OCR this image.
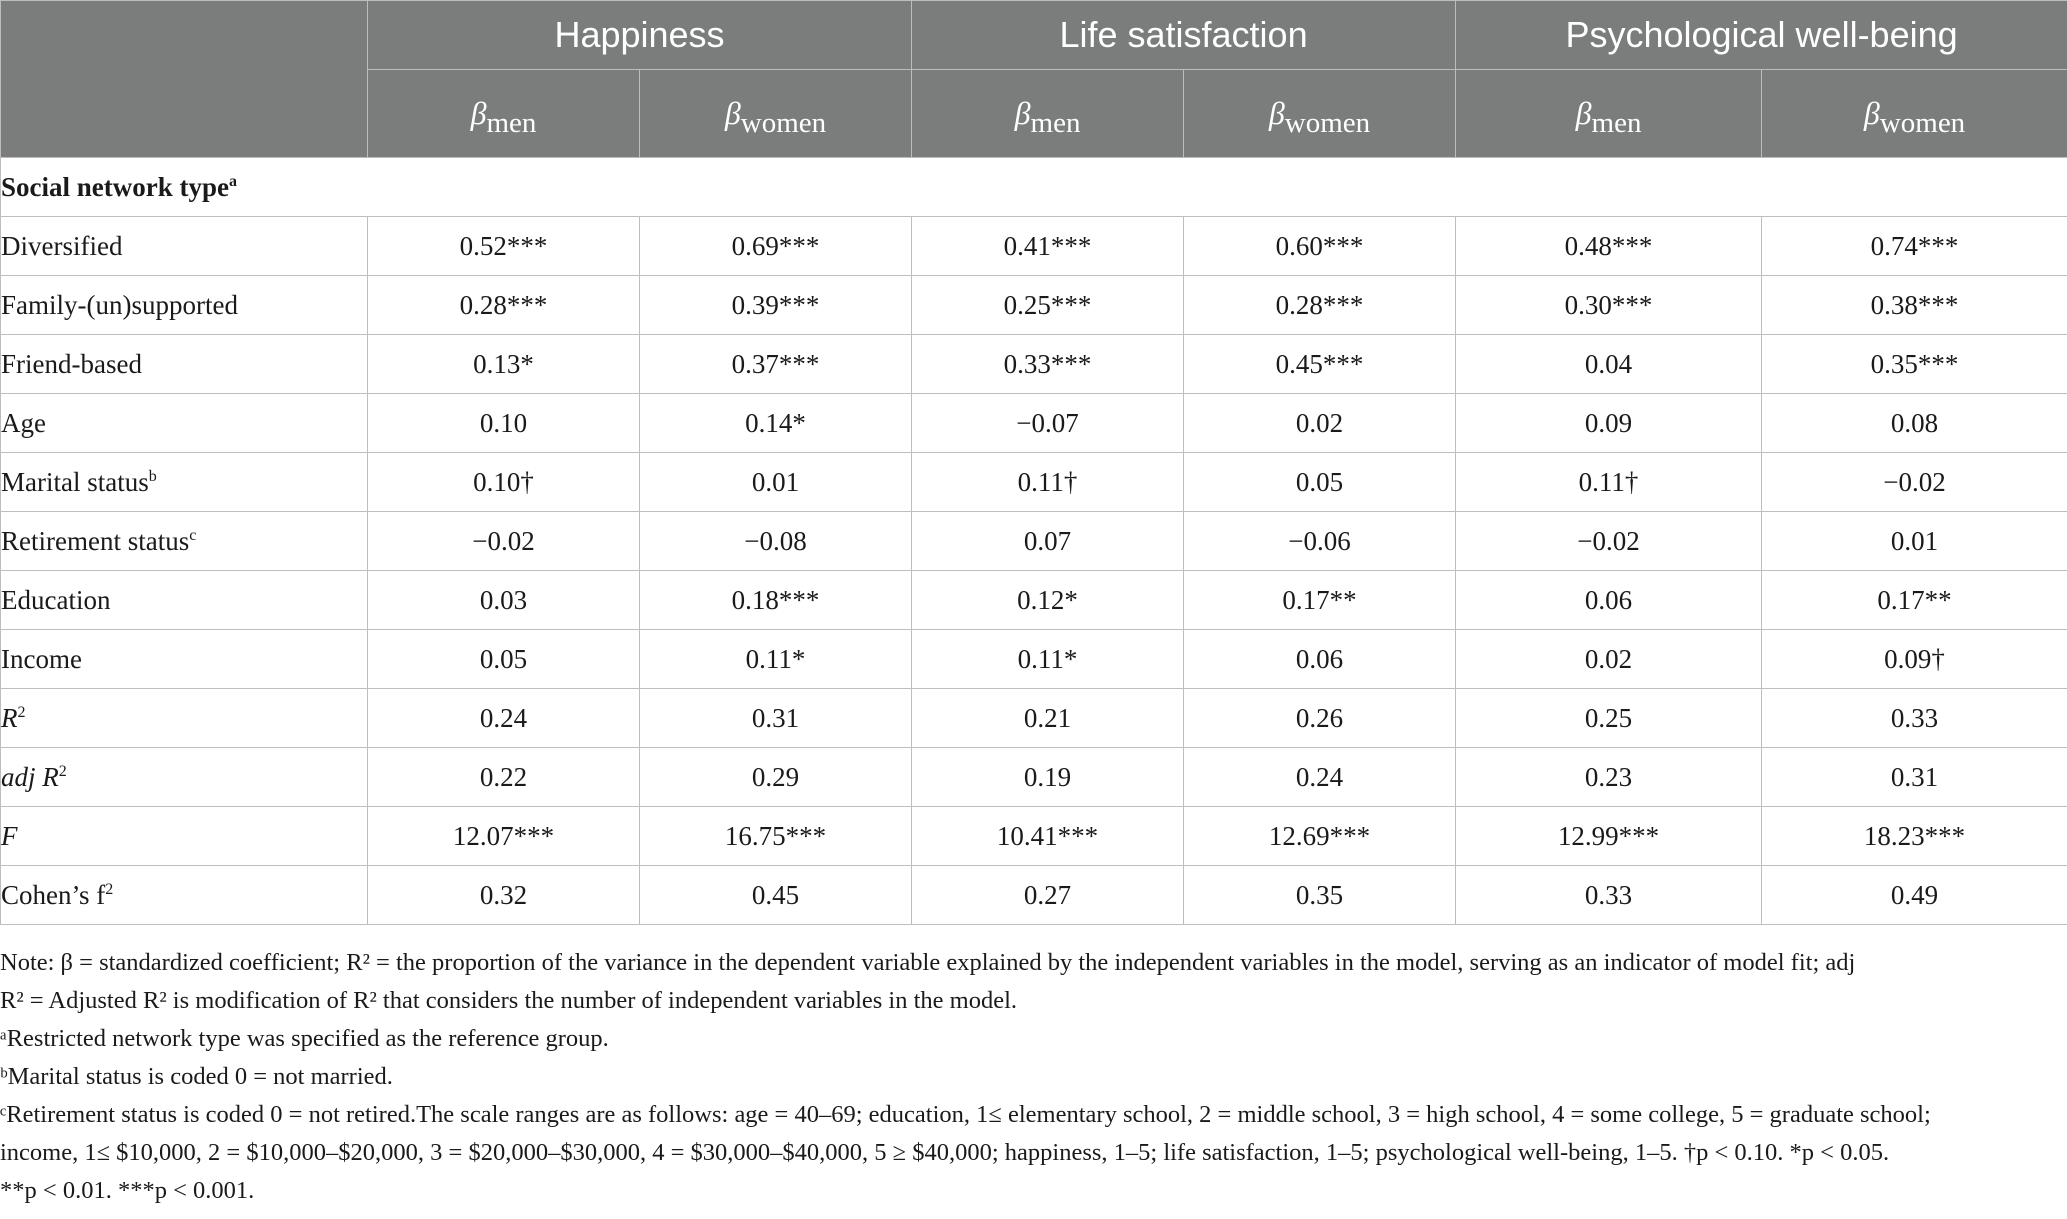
	Happiness		Life satisfaction		Psychological well-being	
	βmen	βwomen	βmen	βwomen	βmen	βwomen
Social network type$^a$
Diversified	0.52***	0.69***	0.41***	0.60***	0.48***	0.74***
Family-(un)supported	0.28***	0.39***	0.25***	0.28***	0.30***	0.38***
Friend-based	0.13*	0.37***	0.33***	0.45***	0.04	0.35***
Age	0.10	0.14*	−0.07	0.02	0.09	0.08
Marital status$^b$	0.10†	0.01	0.11†	0.05	0.11†	−0.02
Retirement status$^c$	−0.02	−0.08	0.07	−0.06	−0.02	0.01
Education	0.03	0.18***	0.12*	0.17**	0.06	0.17**
Income	0.05	0.11*	0.11*	0.06	0.02	0.09†
$R^2$	0.24	0.31	0.21	0.26	0.25	0.33
adj $R^2$	0.22	0.29	0.19	0.24	0.23	0.31
F	12.07***	16.75***	10.41***	12.69***	12.99***	18.23***
Cohen’s $f^2$	0.32	0.45	0.27	0.35	0.33	0.49

Note: β = standardized coefficient; R² = the proportion of the variance in the dependent variable explained by the independent variables in the model, serving as an indicator of model fit; adj

R² = Adjusted R² is modification of R² that considers the number of independent variables in the model.

ᵃRestricted network type was specified as the reference group.

ᵇMarital status is coded 0 = not married.

ᶜRetirement status is coded 0 = not retired.The scale ranges are as follows: age = 40–69; education, 1≤ elementary school, 2 = middle school, 3 = high school, 4 = some college, 5 = graduate school;

income, 1≤ $10,000, 2 = $10,000–$20,000, 3 = $20,000–$30,000, 4 = $30,000–$40,000, 5 ≥ $40,000; happiness, 1–5; life satisfaction, 1–5; psychological well-being, 1–5. †p < 0.10. *p < 0.05.

**p < 0.01. ***p < 0.001.
